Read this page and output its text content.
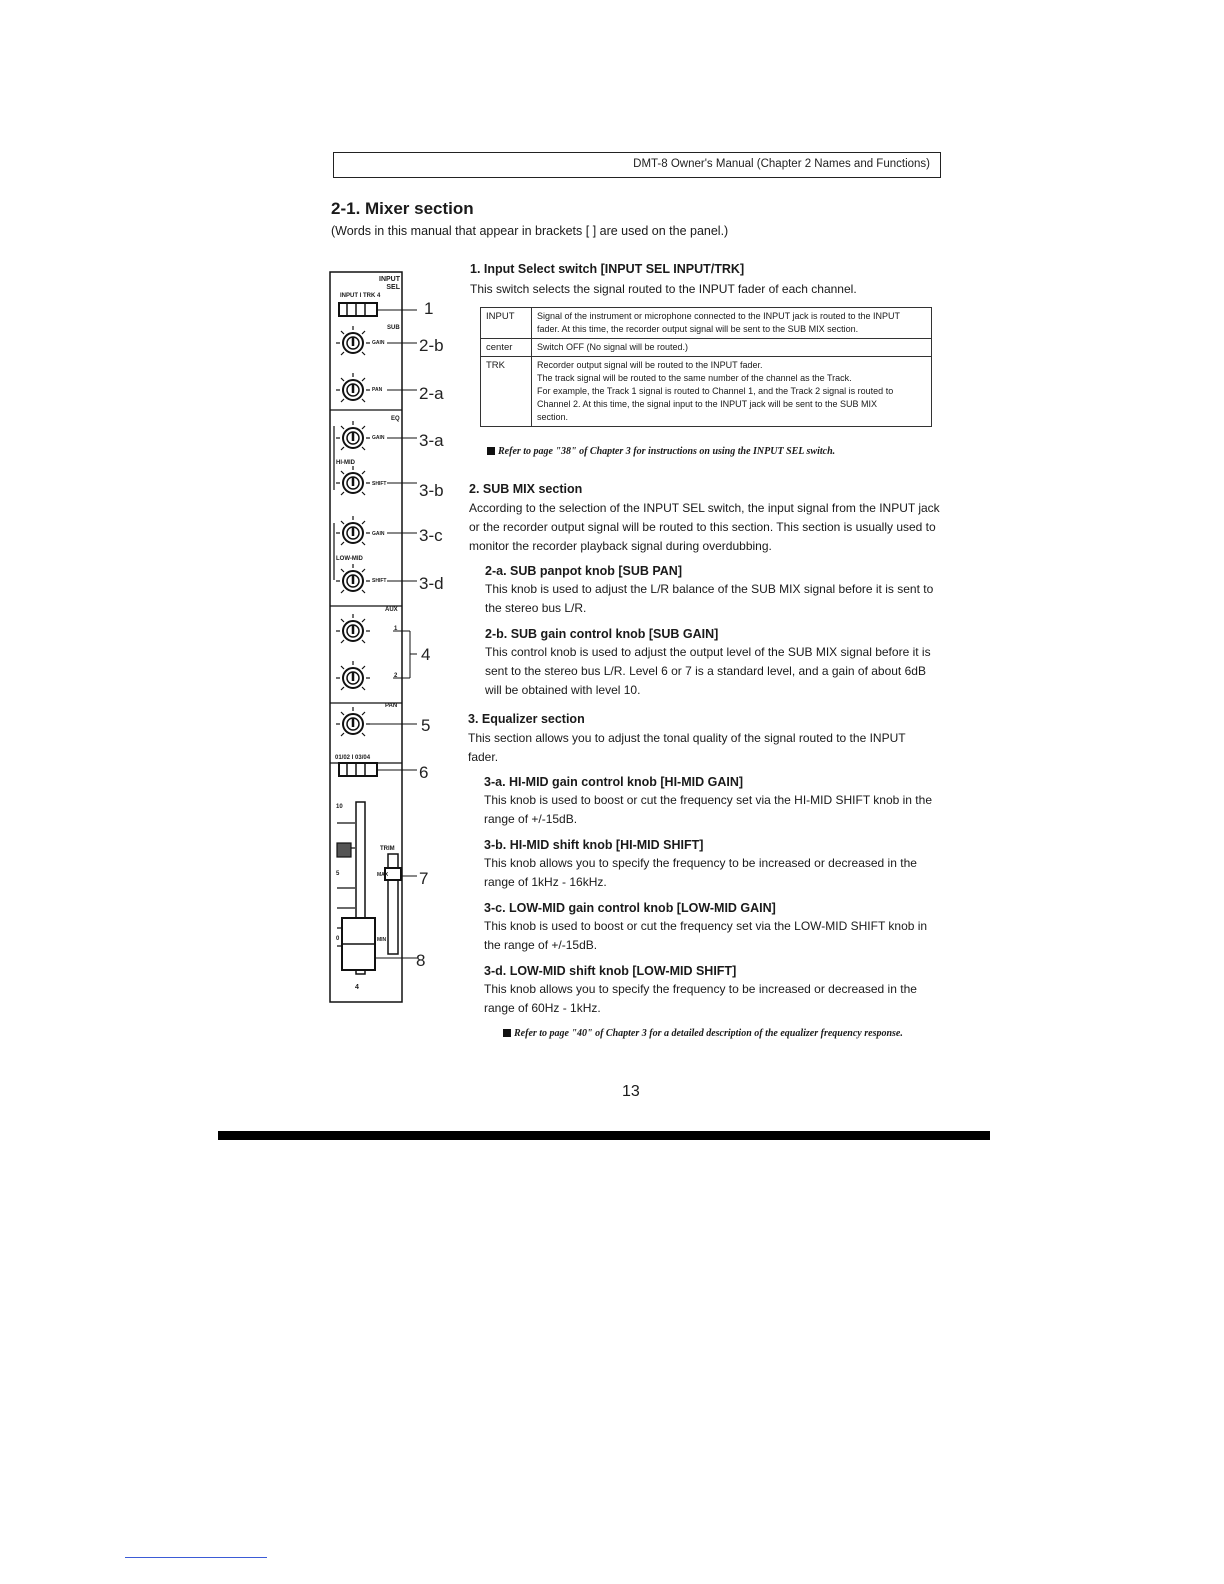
DMT-8 Owner's Manual (Chapter 2 Names and Functions)
2-1. Mixer section
(Words in this manual that appear in brackets [ ] are used on the panel.)
INPUT SEL
INPUT I TRK 4
SUB
GAIN
PAN
EQ
GAIN
HI-MID
SHIFT
GAIN
LOW-MID
SHIFT
AUX
1
2
PAN
01/02 I 03/04
TRIM
MAX
MIN
10
5
0
4
1
2-b
2-a
3-a
3-b
3-c
3-d
4
5
6
7
8
1. Input Select switch [INPUT SEL INPUT/TRK]
This switch selects the signal routed to the INPUT fader of each channel.
INPUT	Signal of the instrument or microphone connected to the INPUT jack is routed to the INPUT
fader. At this time, the recorder output signal will be sent to the SUB MIX section.

center	Switch OFF (No signal will be routed.)

TRK	Recorder output signal will be routed to the INPUT fader.
The track signal will be routed to the same number of the channel as the Track.
For example, the Track 1 signal is routed to Channel 1, and the Track 2 signal is routed to
Channel 2. At this time, the signal input to the INPUT jack will be sent to the SUB MIX
section.
Refer to page "38" of Chapter 3 for instructions on using the INPUT SEL switch.
2. SUB MIX section
According to the selection of the INPUT SEL switch, the input signal from the INPUT jack or the recorder output signal will be routed to this section. This section is usually used to monitor the recorder playback signal during overdubbing.
2-a. SUB panpot knob [SUB PAN]
This knob is used to adjust the L/R balance of the SUB MIX signal before it is sent to the stereo bus L/R.
2-b. SUB gain control knob [SUB GAIN]
This control knob is used to adjust the output level of the SUB MIX signal before it is sent to the stereo bus L/R. Level 6 or 7 is a standard level, and a gain of about 6dB will be obtained with level 10.
3. Equalizer section
This section allows you to adjust the tonal quality of the signal routed to the INPUT fader.
3-a. HI-MID gain control knob [HI-MID GAIN]
This knob is used to boost or cut the frequency set via the HI-MID SHIFT knob in the range of +/-15dB.
3-b. HI-MID shift knob [HI-MID SHIFT]
This knob allows you to specify the frequency to be increased or decreased in the range of 1kHz - 16kHz.
3-c. LOW-MID gain control knob [LOW-MID GAIN]
This knob is used to boost or cut the frequency set via the LOW-MID SHIFT knob in the range of +/-15dB.
3-d. LOW-MID shift knob [LOW-MID SHIFT]
This knob allows you to specify the frequency to be increased or decreased in the range of 60Hz - 1kHz.
Refer to page "40" of Chapter 3 for a detailed description of the equalizer frequency response.
13
